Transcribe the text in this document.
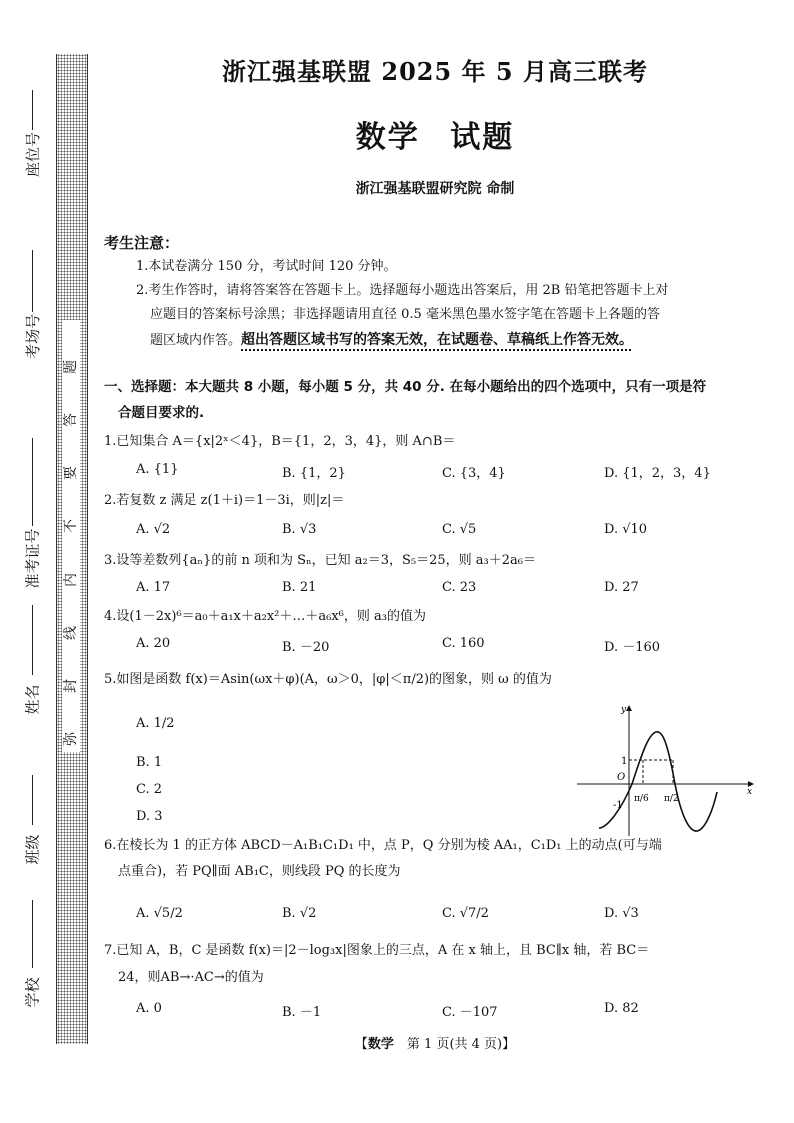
座位号
考场号
准考证号
姓名
班级
学校
题
答
要
不
内
线
封
弥
浙江强基联盟 2025 年 5 月高三联考
数学 试题
浙江强基联盟研究院 命制
考生注意：
1.本试卷满分 150 分，考试时间 120 分钟。
2.考生作答时，请将答案答在答题卡上。选择题每小题选出答案后，用 2B 铅笔把答题卡上对
应题目的答案标号涂黑；非选择题请用直径 0.5 毫米黑色墨水签字笔在答题卡上各题的答
题区域内作答。超出答题区域书写的答案无效，在试题卷、草稿纸上作答无效。
一、选择题：本大题共 8 小题，每小题 5 分，共 40 分. 在每小题给出的四个选项中，只有一项是符
合题目要求的.
1.已知集合 A＝{x|2ˣ＜4}，B＝{1，2，3，4}，则 A∩B＝
A. {1}	B. {1，2}	C. {3，4}	D. {1，2，3，4}
2.若复数 z 满足 z(1＋i)＝1－3i，则|z|＝
A. √2	B. √3	C. √5	D. √10
3.设等差数列{aₙ}的前 n 项和为 Sₙ，已知 a₂＝3，S₅＝25，则 a₃＋2a₆＝
A. 17	B. 21	C. 23	D. 27
4.设(1－2x)⁶＝a₀＋a₁x＋a₂x²＋…＋a₆x⁶，则 a₃的值为
A. 20	B. －20	C. 160	D. －160
5.如图是函数 f(x)＝Asin(ωx＋φ)(A，ω＞0，|φ|＜π/2)的图象，则 ω 的值为
A. 1/2
B. 1
C. 2
D. 3
y
x
O
1
-1
π/6 π/2
6.在棱长为 1 的正方体 ABCD－A₁B₁C₁D₁ 中，点 P，Q 分别为棱 AA₁，C₁D₁ 上的动点(可与端
点重合)，若 PQ∥面 AB₁C，则线段 PQ 的长度为
A. √5/2	B. √2	C. √7/2	D. √3
7.已知 A，B，C 是函数 f(x)＝|2－log₃x|图象上的三点，A 在 x 轴上，且 BC∥x 轴，若 BC＝
24，则AB→·AC→的值为
A. 0	B. －1	C. －107	D. 82
【数学　 第 1 页(共 4 页)】
